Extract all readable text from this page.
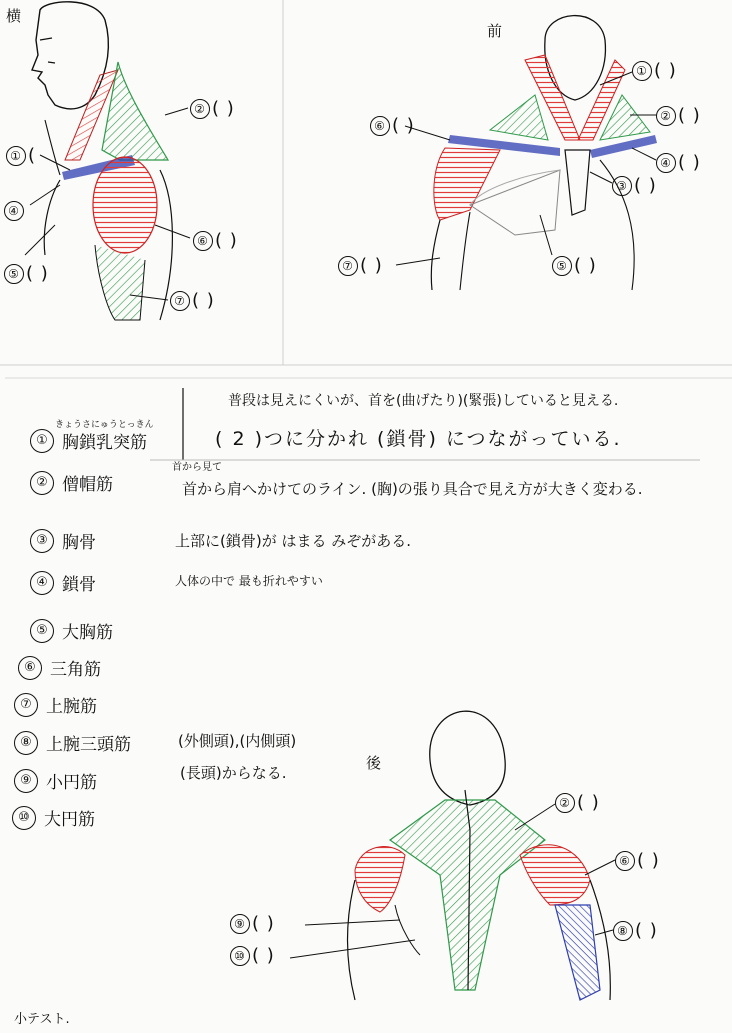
横
前
後
② ( )
① (
④
⑤ ( )
⑥ ( )
⑦ ( )
① ( )
② ( )
④ ( )
③ ( )
⑥ ( )
⑤ ( )
⑦ ( )
② ( )
⑥ ( )
⑧ ( )
⑨ ( )
⑩ ( )
きょうさにゅうとっきん
① 胸鎖乳突筋
② 僧帽筋
③ 胸骨
④ 鎖骨
⑤ 大胸筋
⑥ 三角筋
⑦ 上腕筋
⑧ 上腕三頭筋
⑨ 小円筋
⑩ 大円筋
普段は見えにくいが、首を(曲げたり)(緊張)していると見える.
( 2 )つに分かれ (鎖骨) につながっている.
首から見て
首から肩へかけてのライン. (胸)の張り具合で見え方が大きく変わる.
上部に(鎖骨)が はまる みぞがある.
人体の中で 最も折れやすい
(外側頭),(内側頭)
(長頭)からなる.
小テスト.
